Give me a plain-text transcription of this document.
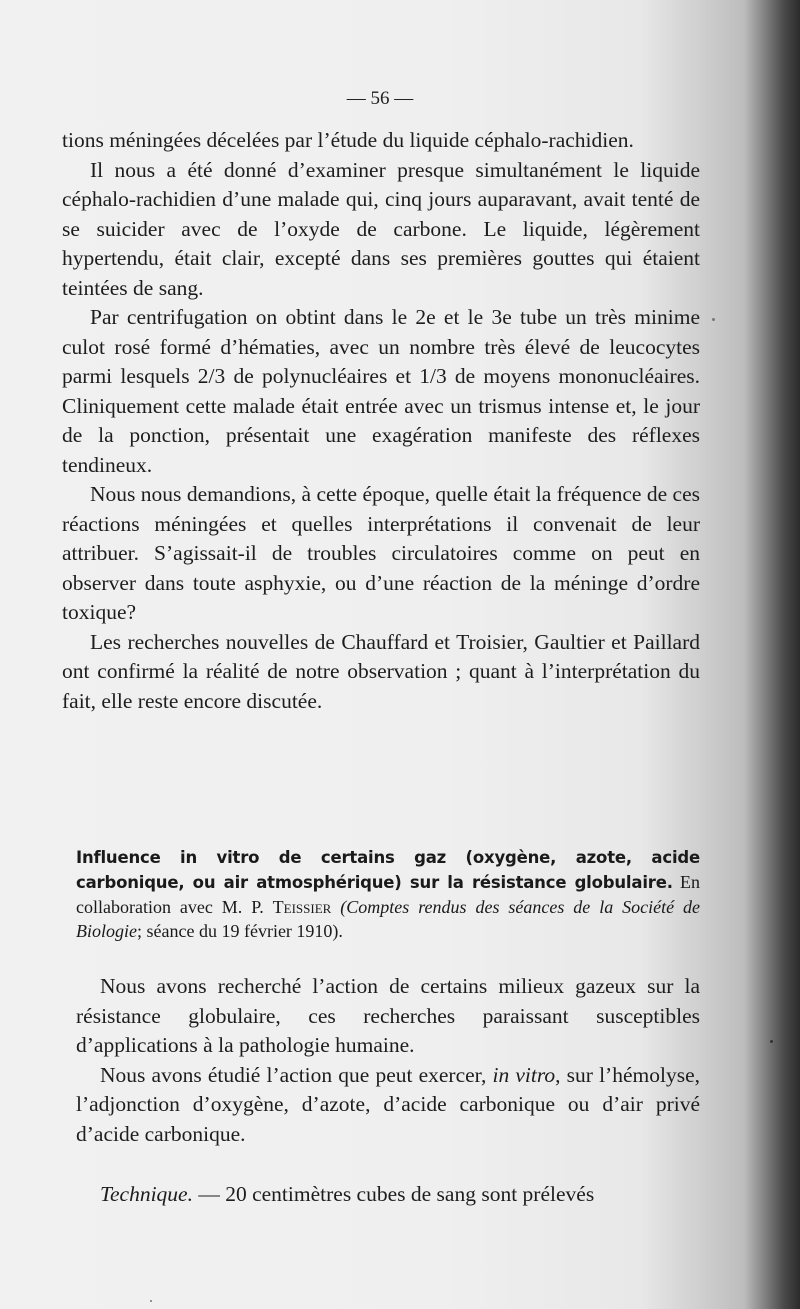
— 56 —

tions méningées décelées par l’étude du liquide céphalo-rachidien.

Il nous a été donné d’examiner presque simultanément le liquide céphalo-rachidien d’une malade qui, cinq jours auparavant, avait tenté de se suicider avec de l’oxyde de carbone. Le liquide, légèrement hypertendu, était clair, excepté dans ses premières gouttes qui étaient teintées de sang.

Par centrifugation on obtint dans le 2e et le 3e tube un très minime culot rosé formé d’hématies, avec un nombre très élevé de leucocytes parmi lesquels 2/3 de polynucléaires et 1/3 de moyens mononucléaires. Cliniquement cette malade était entrée avec un trismus intense et, le jour de la ponction, présentait une exagération manifeste des réflexes tendineux.

Nous nous demandions, à cette époque, quelle était la fréquence de ces réactions méningées et quelles interprétations il convenait de leur attribuer. S’agissait-il de troubles circulatoires comme on peut en observer dans toute asphyxie, ou d’une réaction de la méninge d’ordre toxique?

Les recherches nouvelles de Chauffard et Troisier, Gaultier et Paillard ont confirmé la réalité de notre observation ; quant à l’interprétation du fait, elle reste encore discutée.

Influence in vitro de certains gaz (oxygène, azote, acide carbonique, ou air atmosphérique) sur la résistance globulaire. En collaboration avec M. P. Teissier (Comptes rendus des séances de la Société de Biologie; séance du 19 février 1910).

Nous avons recherché l’action de certains milieux gazeux sur la résistance globulaire, ces recherches paraissant susceptibles d’applications à la pathologie humaine.

Nous avons étudié l’action que peut exercer, in vitro, sur l’hémolyse, l’adjonction d’oxygène, d’azote, d’acide carbonique ou d’air privé d’acide carbonique.

Technique. — 20 centimètres cubes de sang sont prélevés
